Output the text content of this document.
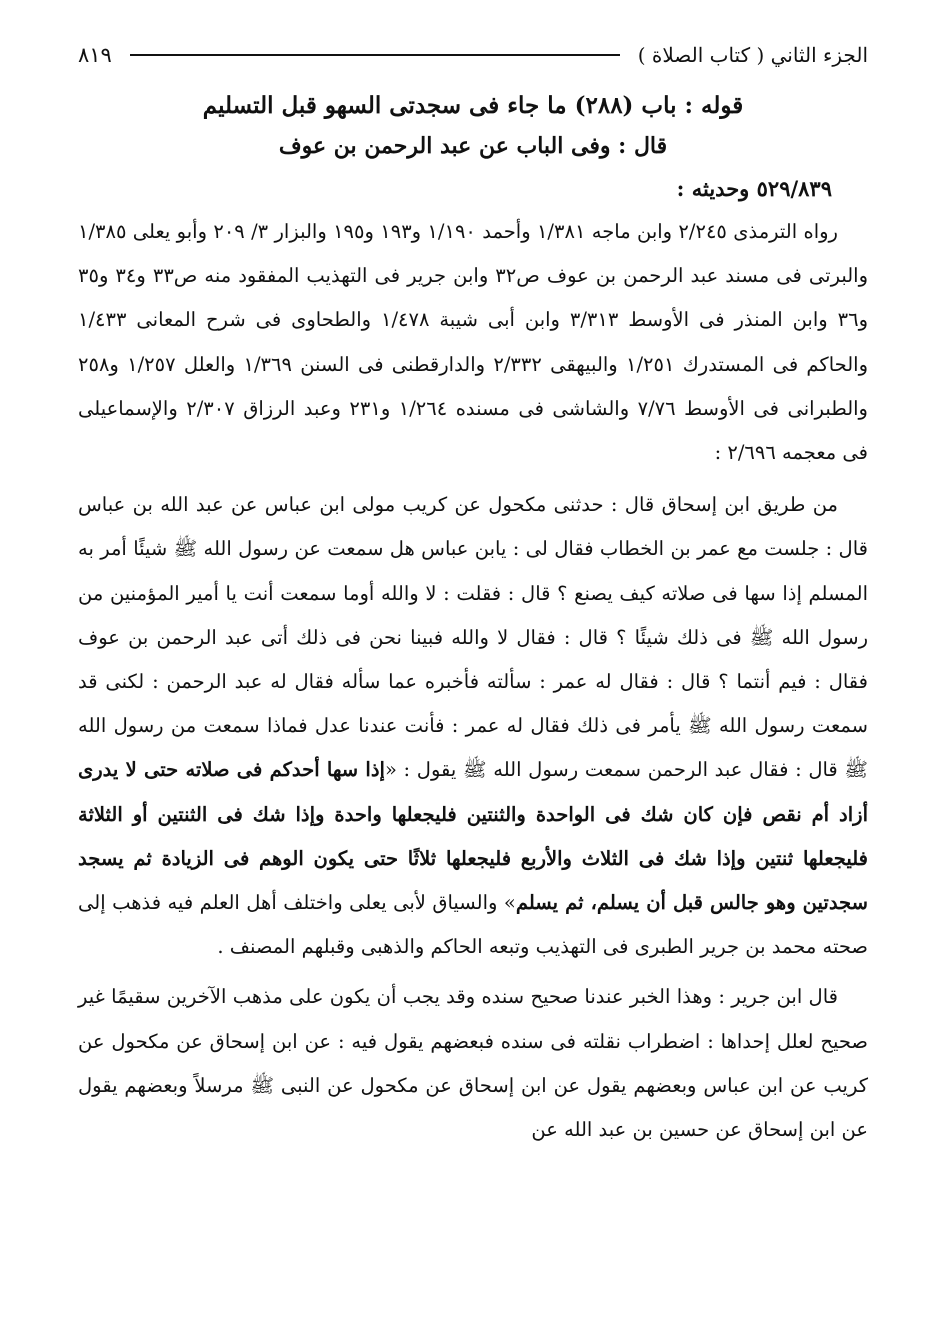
الجزء الثاني ( كتاب الصلاة )
٨١٩
قوله : باب (٢٨٨) ما جاء فى سجدتى السهو قبل التسليم
قال : وفى الباب عن عبد الرحمن بن عوف
٥٢٩/٨٣٩ وحديثه :

رواه الترمذى ٢/٢٤٥ وابن ماجه ١/٣٨١ وأحمد ١/١٩٠ و١٩٣ و١٩٥ والبزار ٣/ ٢٠٩ وأبو يعلى ١/٣٨٥ والبرتى فى مسند عبد الرحمن بن عوف ص٣٢ وابن جرير فى التهذيب المفقود منه ص٣٣ و٣٤ و٣٥ و٣٦ وابن المنذر فى الأوسط ٣/٣١٣ وابن أبى شيبة ١/٤٧٨ والطحاوى فى شرح المعانى ١/٤٣٣ والحاكم فى المستدرك ١/٢٥١ والبيهقى ٢/٣٣٢ والدارقطنى فى السنن ١/٣٦٩ والعلل ١/٢٥٧ و٢٥٨ والطبرانى فى الأوسط ٧/٧٦ والشاشى فى مسنده ١/٢٦٤ و٢٣١ وعبد الرزاق ٢/٣٠٧ والإسماعيلى فى معجمه ٢/٦٩٦ :

من طريق ابن إسحاق قال : حدثنى مكحول عن كريب مولى ابن عباس عن عبد الله بن عباس قال : جلست مع عمر بن الخطاب فقال لى : يابن عباس هل سمعت عن رسول الله ﷺ شيئًا أمر به المسلم إذا سها فى صلاته كيف يصنع ؟ قال : فقلت : لا والله أوما سمعت أنت يا أمير المؤمنين من رسول الله ﷺ فى ذلك شيئًا ؟ قال : فقال لا والله فبينا نحن فى ذلك أتى عبد الرحمن بن عوف فقال : فيم أنتما ؟ قال : فقال له عمر : سألته فأخبره عما سأله فقال له عبد الرحمن : لكنى قد سمعت رسول الله ﷺ يأمر فى ذلك فقال له عمر : فأنت عندنا عدل فماذا سمعت من رسول الله ﷺ قال : فقال عبد الرحمن سمعت رسول الله ﷺ يقول : «إذا سها أحدكم فى صلاته حتى لا يدرى أزاد أم نقص فإن كان شك فى الواحدة والثنتين فليجعلها واحدة وإذا شك فى الثنتين أو الثلاثة فليجعلها ثنتين وإذا شك فى الثلاث والأربع فليجعلها ثلاثًا حتى يكون الوهم فى الزيادة ثم يسجد سجدتين وهو جالس قبل أن يسلم، ثم يسلم» والسياق لأبى يعلى واختلف أهل العلم فيه فذهب إلى صحته محمد بن جرير الطبرى فى التهذيب وتبعه الحاكم والذهبى وقبلهم المصنف .

قال ابن جرير : وهذا الخبر عندنا صحيح سنده وقد يجب أن يكون على مذهب الآخرين سقيمًا غير صحيح لعلل إحداها : اضطراب نقلته فى سنده فبعضهم يقول فيه : عن ابن إسحاق عن مكحول عن كريب عن ابن عباس وبعضهم يقول عن ابن إسحاق عن مكحول عن النبى ﷺ مرسلاً وبعضهم يقول عن ابن إسحاق عن حسين بن عبد الله عن
